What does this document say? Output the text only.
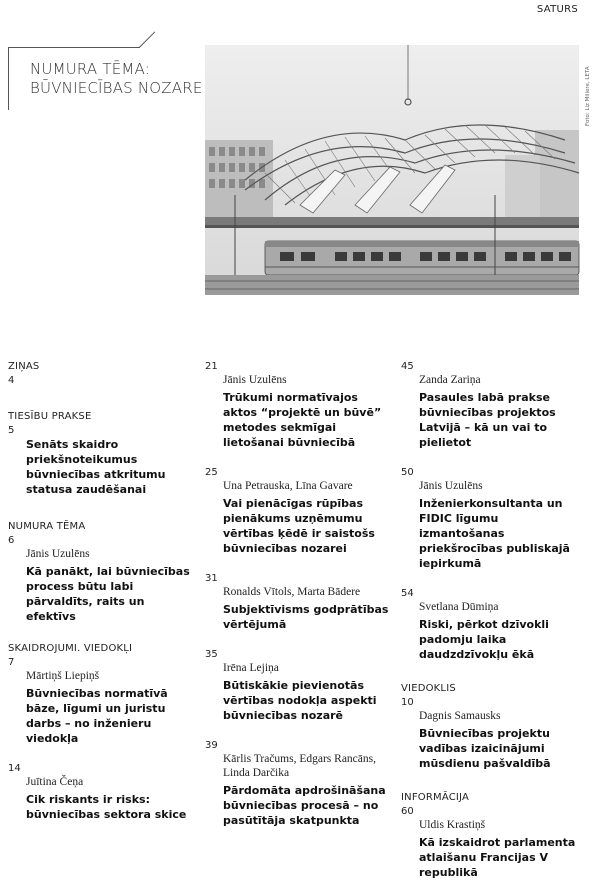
SATURS
NUMURA TĒMA:
BŪVNIECĪBAS NOZARE	Foto: Liz Millere, LETA
ZIŅAS
4
TIESĪBU PRAKSE
5
Senāts skaidro priekšnoteikumus būvniecības atkritumu statusa zaudēšanai
NUMURA TĒMA
6
Jānis Uzulēns
Kā panākt, lai būvniecības process būtu labi pārvaldīts, raits un efektīvs
SKAIDROJUMI. VIEDOKĻI
7
Mārtiņš Liepiņš
Būvniecības normatīvā bāze, līgumi un juristu darbs – no inženieru viedokļa
14
Juītina Čeņa
Cik riskants ir risks: būvniecības sektora skice
21
Jānis Uzulēns
Trūkumi normatīvajos aktos “projektē un būvē” metodes sekmīgai lietošanai būvniecībā
25
Una Petrauska, Līna Gavare
Vai pienācīgas rūpības pienākums uzņēmumu vērtības ķēdē ir saistošs būvniecības nozarei
31
Ronalds Vītols, Marta Bādere
Subjektīvisms godprātības vērtējumā
35
Irēna Lejiņa
Būtiskākie pievienotās vērtības nodokļa aspekti būvniecības nozarē
39
Kārlis Tračums, Edgars Rancāns, Linda Darčika
Pārdomāta apdrošināšana būvniecības procesā – no pasūtītāja skatpunkta
45
Zanda Zariņa
Pasaules labā prakse būvniecības projektos Latvijā – kā un vai to pielietot
50
Jānis Uzulēns
Inženierkonsultanta un FIDIC līgumu izmantošanas priekšrocības publiskajā iepirkumā
54
Svetlana Dūmiņa
Riski, pērkot dzīvokli padomju laika daudzdzīvokļu ēkā
VIEDOKLIS
10
Dagnis Samausks
Būvniecības projektu vadības izaicinājumi mūsdienu pašvaldībā
INFORMĀCIJA
60
Uldis Krastiņš
Kā izskaidrot parlamenta atlaišanu Francijas V republikā
